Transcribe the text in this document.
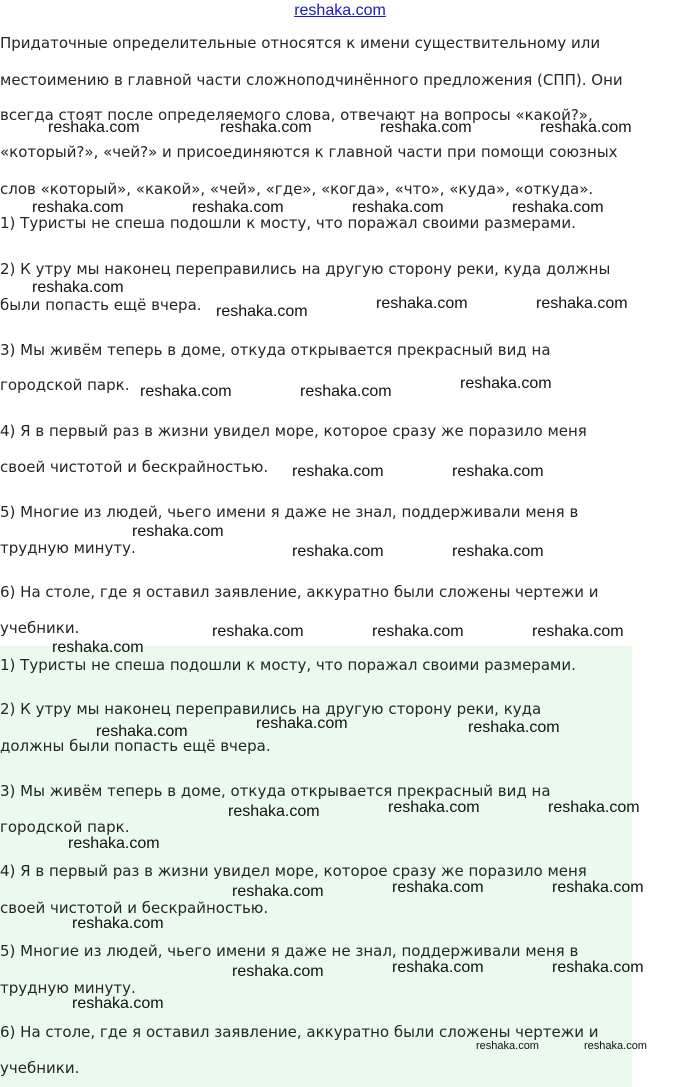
reshaka.com

Придаточные определительные относятся к имени существительному или

местоимению в главной части сложноподчинённого предложения (СПП). Они

всегда стоят после определяемого слова, отвечают на вопросы «какой?»,

«который?», «чей?» и присоединяются к главной части при помощи союзных

слов «который», «какой», «чей», «где», «когда», «что», «куда», «откуда».

1) Туристы не спеша подошли к мосту, что поражал своими размерами.

2) К утру мы наконец переправились на другую сторону реки, куда должны

были попасть ещё вчера.

3) Мы живём теперь в доме, откуда открывается прекрасный вид на

городской парк.

4) Я в первый раз в жизни увидел море, которое сразу же поразило меня

своей чистотой и бескрайностью.

5) Многие из людей, чьего имени я даже не знал, поддерживали меня в

трудную минуту.

6) На столе, где я оставил заявление, аккуратно были сложены чертежи и

учебники.

1) Туристы не спеша подошли к мосту, что поражал своими размерами.

2) К утру мы наконец переправились на другую сторону реки, куда

должны были попасть ещё вчера.

3) Мы живём теперь в доме, откуда открывается прекрасный вид на

городской парк.

4) Я в первый раз в жизни увидел море, которое сразу же поразило меня

своей чистотой и бескрайностью.

5) Многие из людей, чьего имени я даже не знал, поддерживали меня в

трудную минуту.

6) На столе, где я оставил заявление, аккуратно были сложены чертежи и

учебники.

reshaka.com	reshaka.com	reshaka.com	reshaka.com
reshaka.com	reshaka.com	reshaka.com	reshaka.com
reshaka.com
reshaka.com	reshaka.com	reshaka.com
reshaka.com	reshaka.com	reshaka.com
reshaka.com	reshaka.com
reshaka.com
reshaka.com	reshaka.com
reshaka.com	reshaka.com	reshaka.com
reshaka.com
reshaka.com
reshaka.com	reshaka.com
reshaka.com	reshaka.com
reshaka.com
reshaka.com
reshaka.com	reshaka.com
reshaka.com
reshaka.com
reshaka.com	reshaka.com
reshaka.com
reshaka.com
reshaka.com	reshaka.com
